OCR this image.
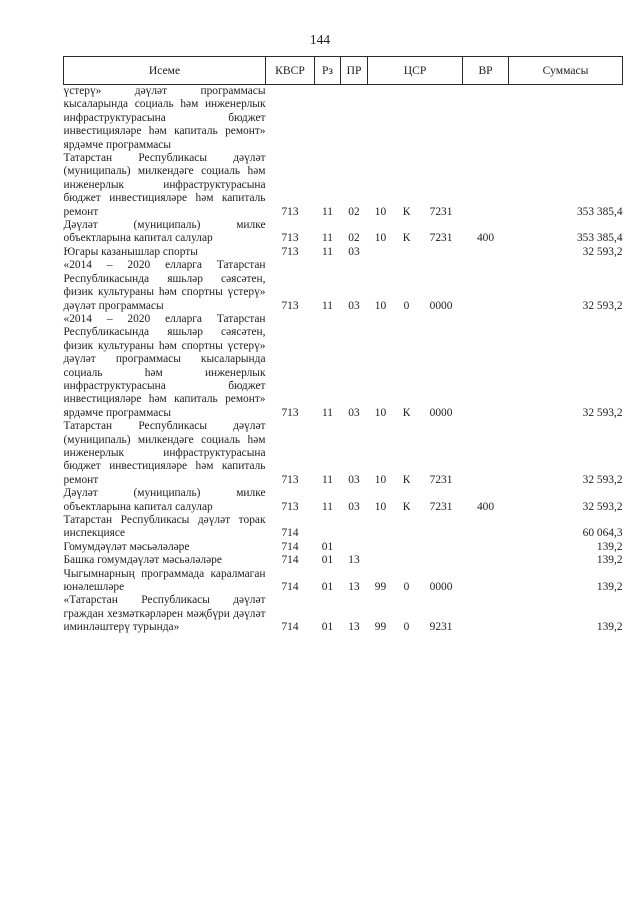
144
Исеме	КВСР	Рз	ПР	ЦСР			ВР	Суммасы

үстерү» дәүләт программасы кысаларында социаль һәм инженерлык инфраструктурасына бюджет инвестицияләре һәм капиталь ремонт» ярдәмче программасы								

Татарстан Республикасы дәүләт (муниципаль) милкендәге социаль һәм инженерлык инфраструктурасына бюджет инвестицияләре һәм капиталь ремонт	713	11	02	10	К	7231		353 385,4

Дәүләт (муниципаль) милке объектларына капитал салулар	713	11	02	10	К	7231	400	353 385,4

Югары казанышлар спорты	713	11	03					32 593,2

«2014 – 2020 елларга Татарстан Республикасында яшьләр сәясәтен, физик культураны һәм спортны үстерү» дәүләт программасы	713	11	03	10	0	0000		32 593,2

«2014 – 2020 елларга Татарстан Республикасында яшьләр сәясәтен, физик культураны һәм спортны үстерү» дәүләт программасы кысаларында социаль һәм инженерлык инфраструктурасына бюджет инвестицияләре һәм капиталь ремонт» ярдәмче программасы	713	11	03	10	К	0000		32 593,2

Татарстан Республикасы дәүләт (муниципаль) милкендәге социаль һәм инженерлык инфраструктурасына бюджет инвестицияләре һәм капиталь ремонт	713	11	03	10	К	7231		32 593,2

Дәүләт (муниципаль) милке объектларына капитал салулар	713	11	03	10	К	7231	400	32 593,2

Татарстан Республикасы дәүләт торак инспекциясе	714							60 064,3

Гомумдәүләт мәсьәләләре	714	01						139,2

Башка гомумдәүләт мәсьәләләре	714	01	13					139,2

Чыгымнарның программада каралмаган юнәлешләре	714	01	13	99	0	0000		139,2

«Татарстан Республикасы дәүләт граждан хезмәткәрләрен мәҗбүри дәүләт иминләштерү турында»	714	01	13	99	0	9231		139,2
